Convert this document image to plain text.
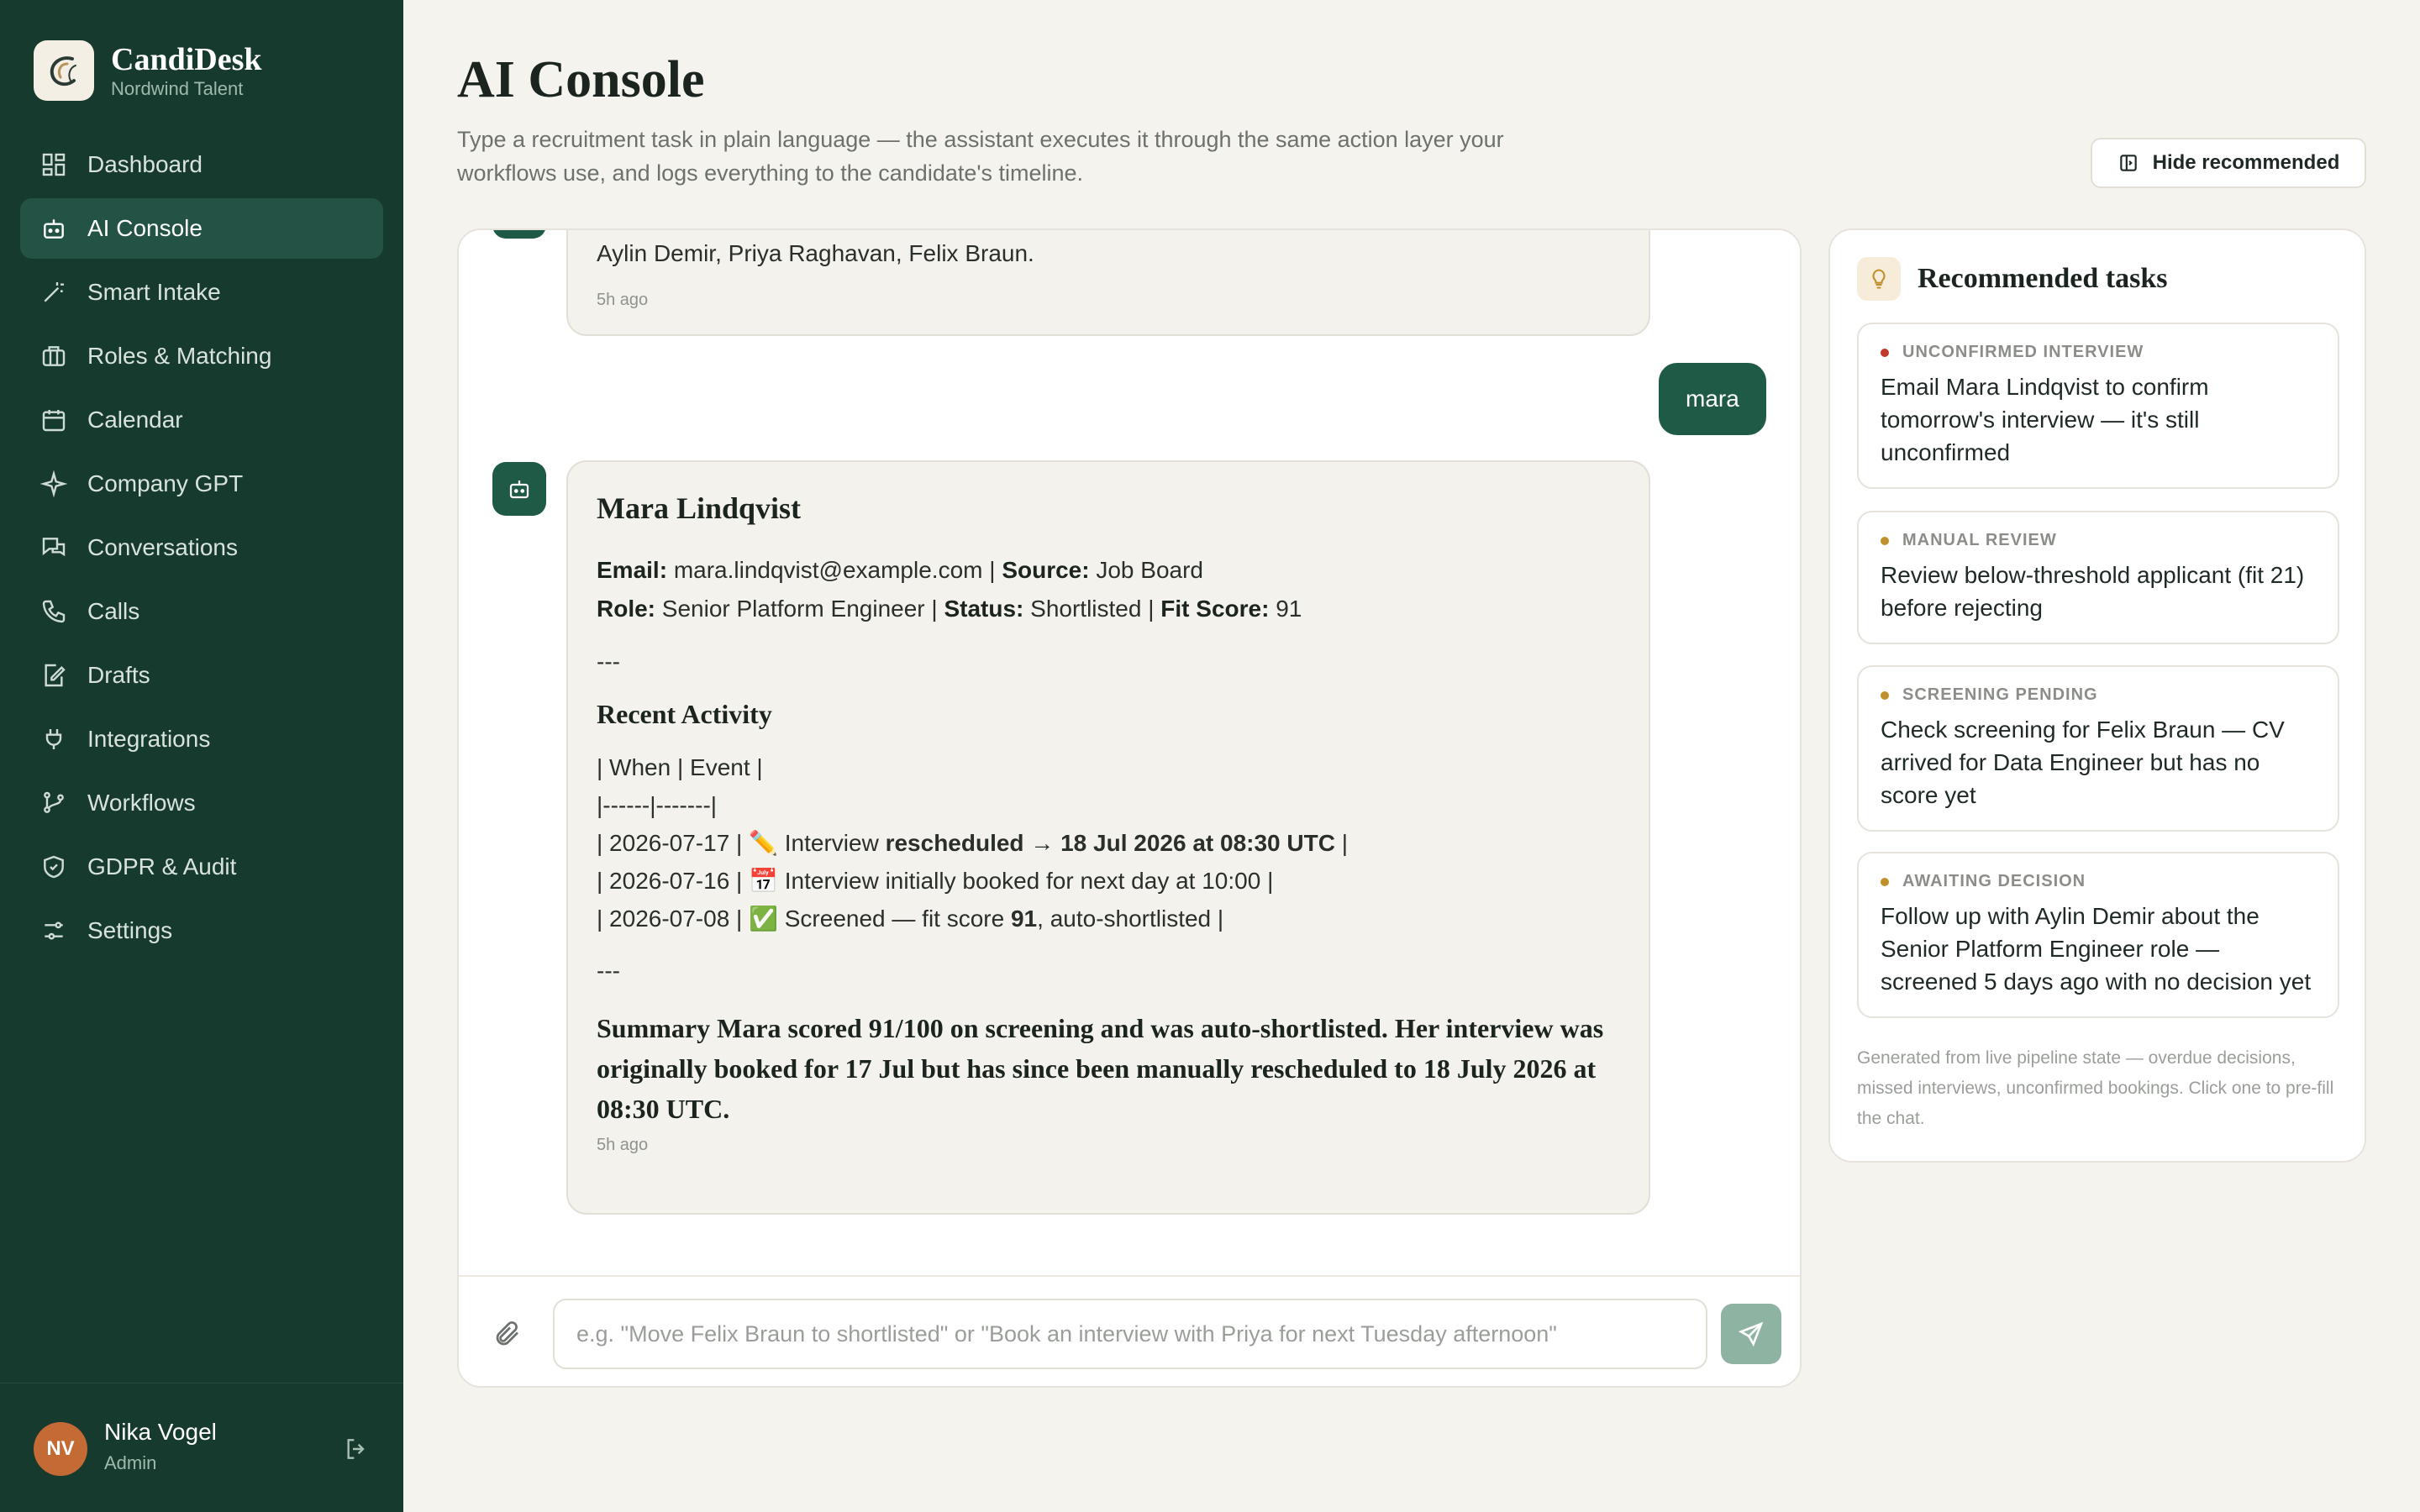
CandiDesk
Nordwind Talent
Dashboard
AI Console
Smart Intake
Roles & Matching
Calendar
Company GPT
Conversations
Calls
Drafts
Integrations
Workflows
GDPR & Audit
Settings
NV
Nika Vogel
Admin
AI Console

Type a recruitment task in plain language — the assistant executes it through the same action layer your workflows use, and logs everything to the candidate's timeline.	Hide recommended
Aylin Demir, Priya Raghavan, Felix Braun.
5h ago
mara
Mara Lindqvist
Email: mara.lindqvist@example.com | Source: Job Board
Role: Senior Platform Engineer | Status: Shortlisted | Fit Score: 91
---
Recent Activity
| When | Event |
|------|-------|
| 2026-07-17 | ✏️ Interview rescheduled → 18 Jul 2026 at 08:30 UTC |
| 2026-07-16 | 📅 Interview initially booked for next day at 10:00 |
| 2026-07-08 | ✅ Screened — fit score 91, auto-shortlisted |
---
Summary Mara scored 91/100 on screening and was auto-shortlisted. Her interview was originally booked for 17 Jul but has since been manually rescheduled to 18 July 2026 at 08:30 UTC.
5h ago
e.g. "Move Felix Braun to shortlisted" or "Book an interview with Priya for next Tuesday afternoon"
Recommended tasks
UNCONFIRMED INTERVIEW
Email Mara Lindqvist to confirm tomorrow's interview — it's still unconfirmed
MANUAL REVIEW
Review below-threshold applicant (fit 21) before rejecting
SCREENING PENDING
Check screening for Felix Braun — CV arrived for Data Engineer but has no score yet
AWAITING DECISION
Follow up with Aylin Demir about the Senior Platform Engineer role — screened 5 days ago with no decision yet
Generated from live pipeline state — overdue decisions, missed interviews, unconfirmed bookings. Click one to pre-fill the chat.
